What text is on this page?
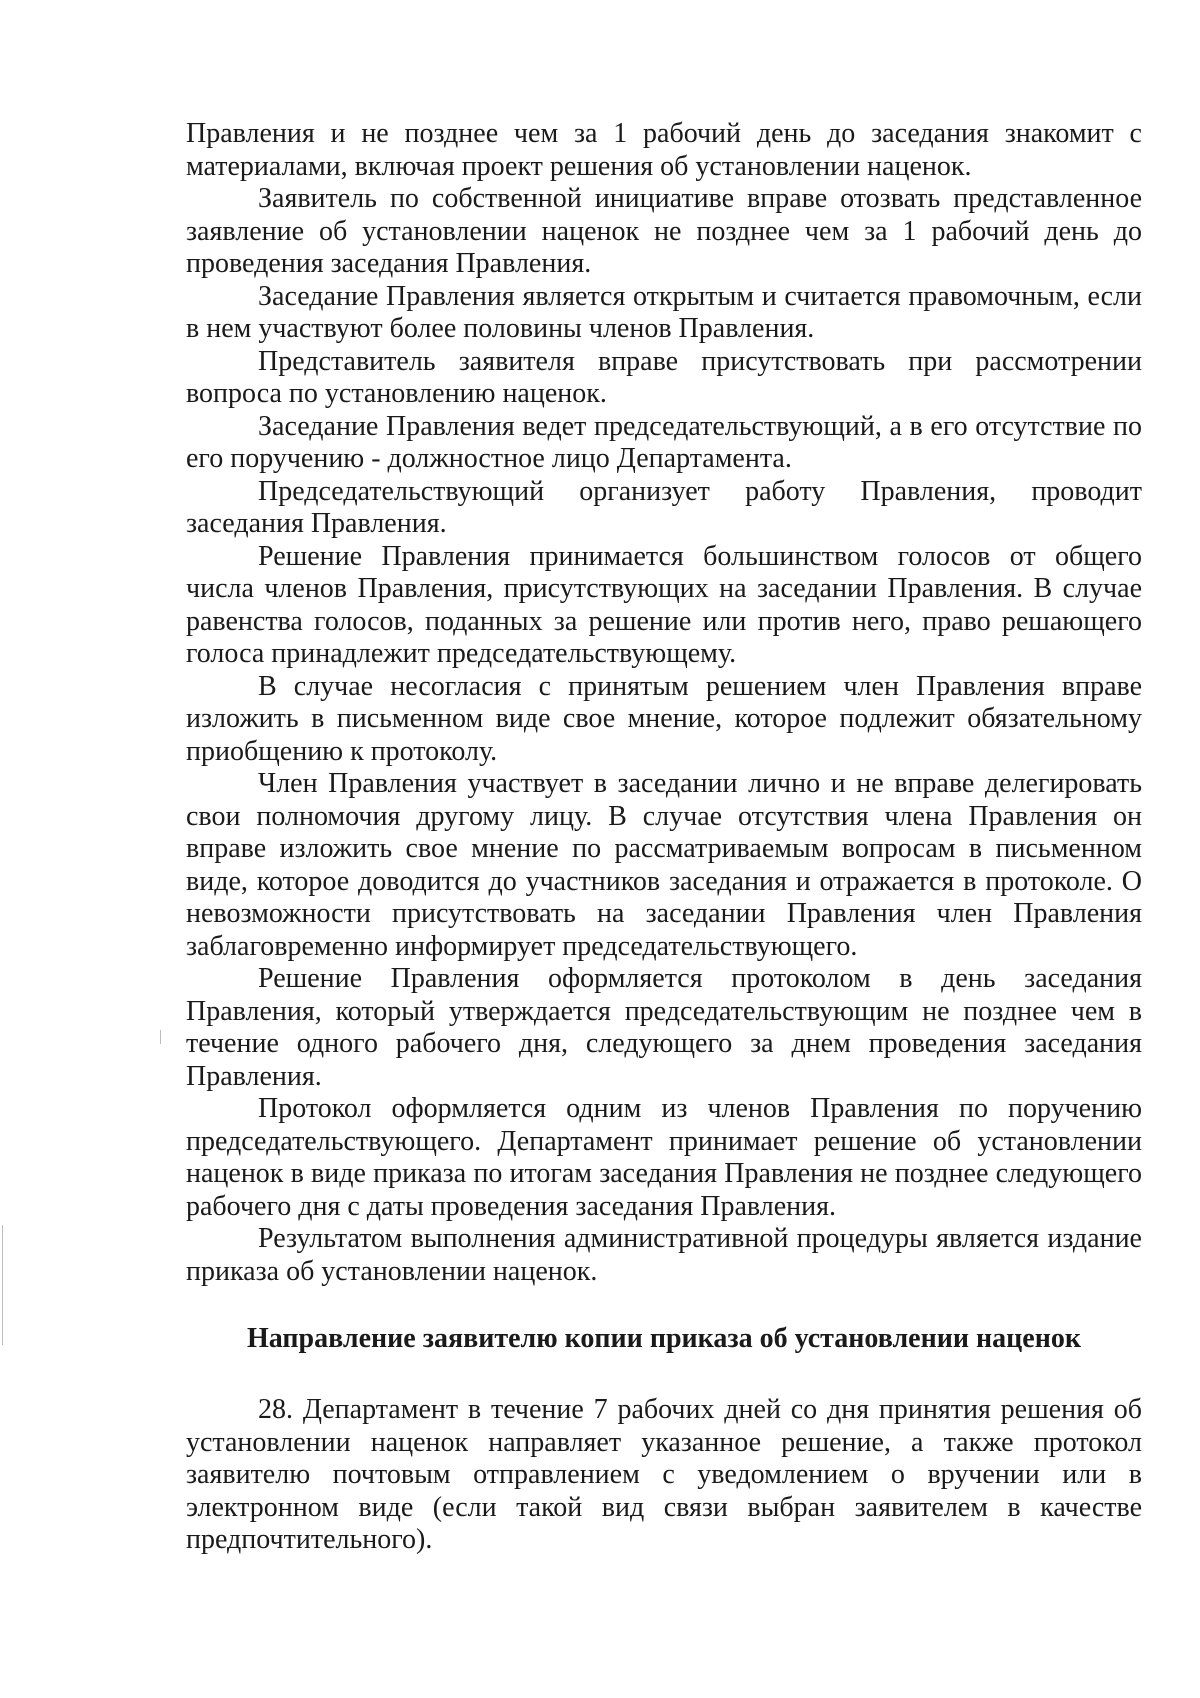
Правления и не позднее чем за 1 рабочий день до заседания знакомит с материалами, включая проект решения об установлении наценок.

Заявитель по собственной инициативе вправе отозвать представленное заявление об установлении наценок не позднее чем за 1 рабочий день до проведения заседания Правления.

Заседание Правления является открытым и считается правомочным, если в нем участвуют более половины членов Правления.

Представитель заявителя вправе присутствовать при рассмотрении вопроса по установлению наценок.

Заседание Правления ведет председательствующий, а в его отсутствие по его поручению - должностное лицо Департамента.

Председательствующий организует работу Правления, проводит заседания Правления.

Решение Правления принимается большинством голосов от общего числа членов Правления, присутствующих на заседании Правления. В случае равенства голосов, поданных за решение или против него, право решающего голоса принадлежит председательствующему.

В случае несогласия с принятым решением член Правления вправе изложить в письменном виде свое мнение, которое подлежит обязательному приобщению к протоколу.

Член Правления участвует в заседании лично и не вправе делегировать свои полномочия другому лицу. В случае отсутствия члена Правления он вправе изложить свое мнение по рассматриваемым вопросам в письменном виде, которое доводится до участников заседания и отражается в протоколе. О невозможности присутствовать на заседании Правления член Правления заблаговременно информирует председательствующего.

Решение Правления оформляется протоколом в день заседания Правления, который утверждается председательствующим не позднее чем в течение одного рабочего дня, следующего за днем проведения заседания Правления.

Протокол оформляется одним из членов Правления по поручению председательствующего. Департамент принимает решение об установлении наценок в виде приказа по итогам заседания Правления не позднее следующего рабочего дня с даты проведения заседания Правления.

Результатом выполнения административной процедуры является издание приказа об установлении наценок.

Направление заявителю копии приказа об установлении наценок

28. Департамент в течение 7 рабочих дней со дня принятия решения об установлении наценок направляет указанное решение, а также протокол заявителю почтовым отправлением с уведомлением о вручении или в электронном виде (если такой вид связи выбран заявителем в качестве предпочтительного).
